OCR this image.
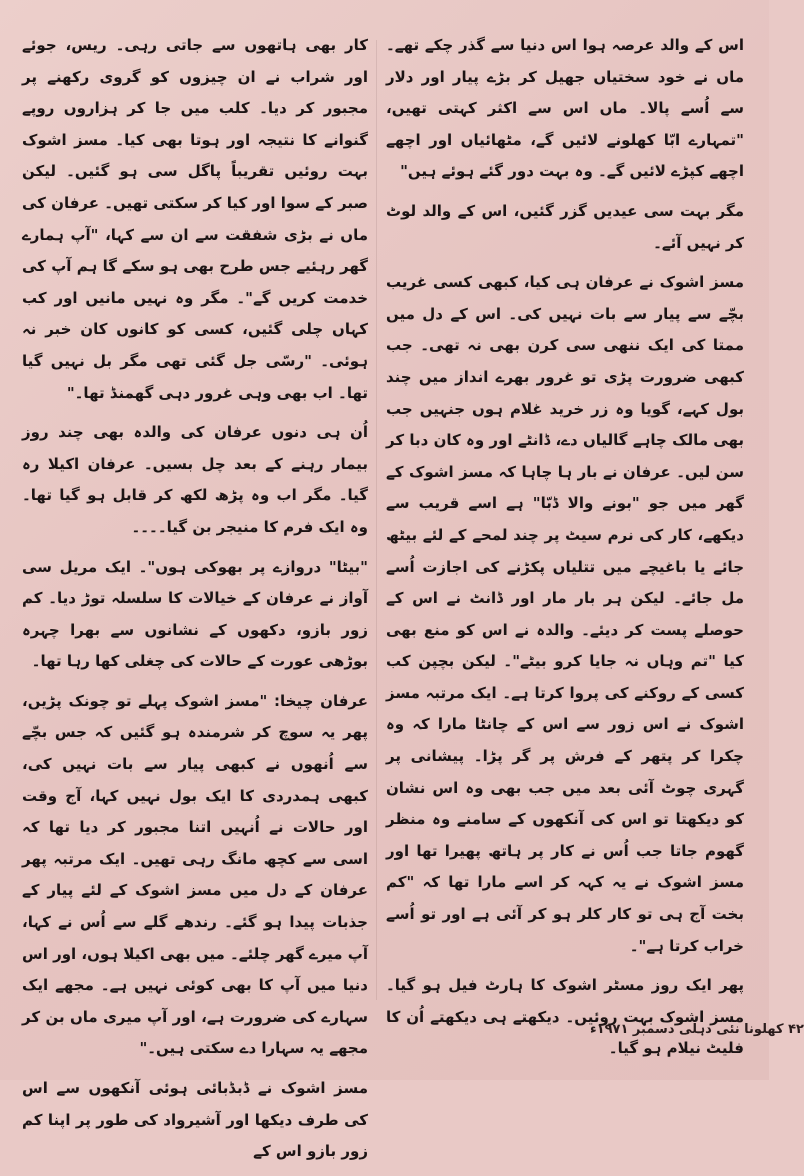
اس کے والد عرصہ ہوا اس دنیا سے گذر چکے تھے۔ ماں نے خود سختیاں جھیل کر بڑے پیار اور دلار سے اُسے پالا۔ ماں اس سے اکثر کہتی تھیں، "تمہارے ابّا کھلونے لائیں گے، مٹھائیاں اور اچھے اچھے کپڑے لائیں گے۔ وہ بہت دور گئے ہوئے ہیں"

مگر بہت سی عیدیں گزر گئیں، اس کے والد لوٹ کر نہیں آئے۔

مسز اشوک نے عرفان ہی کیا، کبھی کسی غریب بچّے سے پیار سے بات نہیں کی۔ اس کے دل میں ممتا کی ایک ننھی سی کرن بھی نہ تھی۔ جب کبھی ضرورت پڑی تو غرور بھرے انداز میں چند بول کہے، گویا وہ زر خرید غلام ہوں جنہیں جب بھی مالک چاہے گالیاں دے، ڈانٹے اور وہ کان دبا کر سن لیں۔ عرفان نے بار ہا چاہا کہ مسز اشوک کے گھر میں جو "بونے والا ڈبّا" ہے اسے قریب سے دیکھے، کار کی نرم سیٹ پر چند لمحے کے لئے بیٹھ جائے یا باغیچے میں تتلیاں پکڑنے کی اجازت اُسے مل جائے۔ لیکن ہر بار مار اور ڈانٹ نے اس کے حوصلے پست کر دیئے۔ والدہ نے اس کو منع بھی کیا "تم وہاں نہ جایا کرو بیٹے"۔ لیکن بچپن کب کسی کے روکنے کی پروا کرتا ہے۔ ایک مرتبہ مسز اشوک نے اس زور سے اس کے چانٹا مارا کہ وہ چکرا کر پتھر کے فرش پر گر پڑا۔ پیشانی پر گہری چوٹ آئی بعد میں جب بھی وہ اس نشان کو دیکھتا تو اس کی آنکھوں کے سامنے وہ منظر گھوم جاتا جب اُس نے کار پر ہاتھ پھیرا تھا اور مسز اشوک نے یہ کہہ کر اسے مارا تھا کہ "کم بخت آج ہی تو کار کلر ہو کر آئی ہے اور تو اُسے خراب کرتا ہے"۔

پھر ایک روز مسٹر اشوک کا ہارٹ فیل ہو گیا۔ مسز اشوک بہت روئیں۔ دیکھتے ہی دیکھتے اُن کا فلیٹ نیلام ہو گیا۔

کار بھی ہاتھوں سے جاتی رہی۔ ریس، جوئے اور شراب نے ان چیزوں کو گروی رکھنے پر مجبور کر دیا۔ کلب میں جا کر ہزاروں روپے گنوانے کا نتیجہ اور ہوتا بھی کیا۔ مسز اشوک بہت روئیں تقریباً پاگل سی ہو گئیں۔ لیکن صبر کے سوا اور کیا کر سکتی تھیں۔ عرفان کی ماں نے بڑی شفقت سے ان سے کہا، "آپ ہمارے گھر رہئیے جس طرح بھی ہو سکے گا ہم آپ کی خدمت کریں گے"۔ مگر وہ نہیں مانیں اور کب کہاں چلی گئیں، کسی کو کانوں کان خبر نہ ہوئی۔ "رسّی جل گئی تھی مگر بل نہیں گیا تھا۔ اب بھی وہی غرور دہی گھمنڈ تھا۔"

اُن ہی دنوں عرفان کی والدہ بھی چند روز بیمار رہنے کے بعد چل بسیں۔ عرفان اکیلا رہ گیا۔ مگر اب وہ پڑھ لکھ کر قابل ہو گیا تھا۔ وہ ایک فرم کا منیجر بن گیا۔۔۔۔

"بیٹا" دروازے پر بھوکی ہوں"۔ ایک مریل سی آواز نے عرفان کے خیالات کا سلسلہ توڑ دیا۔ کم زور بازو، دکھوں کے نشانوں سے بھرا چہرہ بوڑھی عورت کے حالات کی چغلی کھا رہا تھا۔

عرفان چیخا: "مسز اشوک پہلے تو چونک پڑیں، پھر یہ سوچ کر شرمندہ ہو گئیں کہ جس بچّے سے اُنھوں نے کبھی پیار سے بات نہیں کی، کبھی ہمدردی کا ایک بول نہیں کہا، آج وقت اور حالات نے اُنہیں اتنا مجبور کر دیا تھا کہ اسی سے کچھ مانگ رہی تھیں۔ ایک مرتبہ پھر عرفان کے دل میں مسز اشوک کے لئے پیار کے جذبات پیدا ہو گئے۔ رندھے گلے سے اُس نے کہا، آپ میرے گھر چلئے۔ میں بھی اکیلا ہوں، اور اس دنیا میں آپ کا بھی کوئی نہیں ہے۔ مجھے ایک سہارے کی ضرورت ہے، اور آپ میری ماں بن کر مجھے یہ سہارا دے سکتی ہیں۔"

مسز اشوک نے ڈبڈبائی ہوئی آنکھوں سے اس کی طرف دیکھا اور آشیرواد کی طور پر اپنا کم زور بازو اس کے

۴۲ کھلونا نئی دہلی دسمبر ۱۹۷۱ء
